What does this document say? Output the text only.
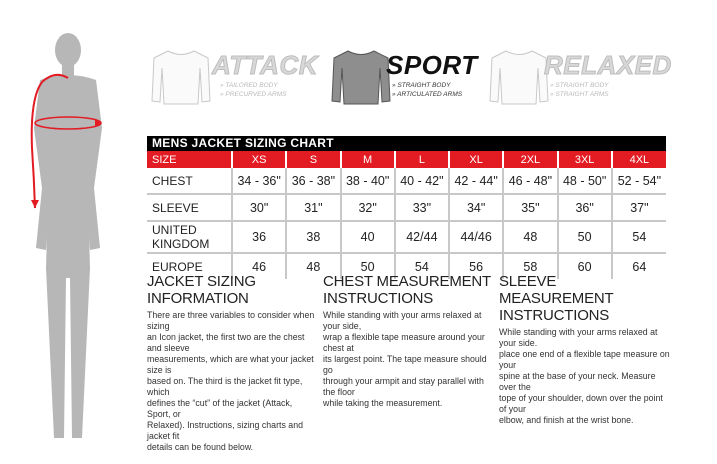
ATTACK
» TAILORED BODY
» PRECURVED ARMS
SPORT
» STRAIGHT BODY
» ARTICULATED ARMS
RELAXED
» STRAIGHT BODY
» STRAIGHT ARMS
MENS JACKET SIZING CHART
SIZE	XS	S	M	L	XL	2XL	3XL	4XL
CHEST	34 - 36"	36 - 38"	38 - 40"	40 - 42"	42 - 44"	46 - 48"	48 - 50"	52 - 54"
SLEEVE	30"	31"	32"	33"	34"	35"	36"	37"
UNITED KINGDOM	36	38	40	42/44	44/46	48	50	54
EUROPE	46	48	50	54	56	58	60	64
JACKET SIZING INFORMATION

There are three variables to consider when sizing
an Icon jacket, the first two are the chest and sleeve
measurements, which are what your jacket size is
based on. The third is the jacket fit type, which
defines the “cut” of the jacket (Attack, Sport, or
Relaxed). Instructions, sizing charts and jacket fit
details can be found below.

CHEST MEASUREMENT
INSTRUCTIONS

While standing with your arms relaxed at your side,
wrap a flexible tape measure around your chest at
its largest point. The tape measure should go
through your armpit and stay parallel with the floor
while taking the measurement.

SLEEVE MEASUREMENT
INSTRUCTIONS

While standing with your arms relaxed at your side.
place one end of a flexible tape measure on your
spine at the base of your neck. Measure over the
tope of your shoulder, down over the point of your
elbow, and finish at the wrist bone.
